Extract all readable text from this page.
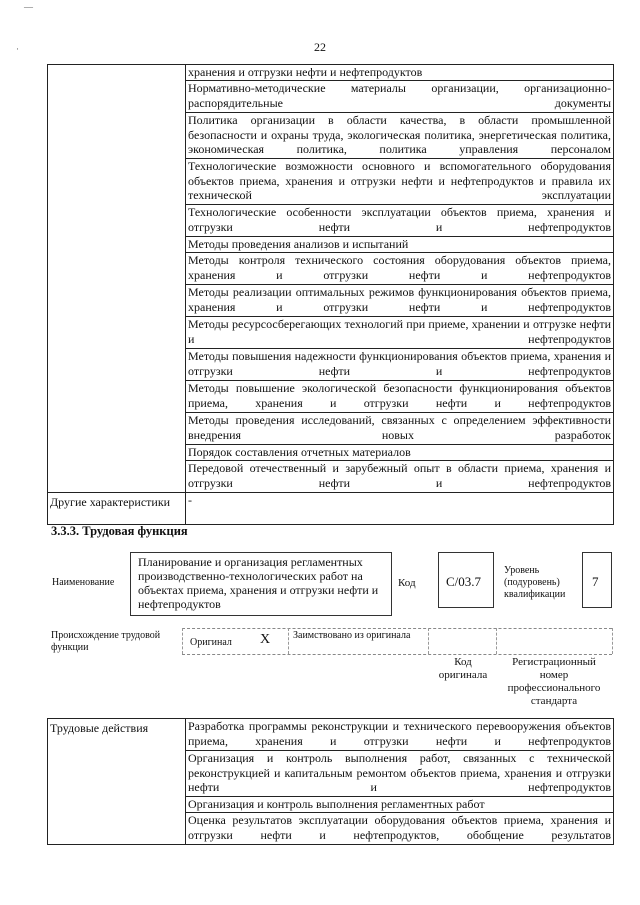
—
·	22

	хранения и отгрузки нефти и нефтепродуктов

	Нормативно-методические материалы организации, организационно-распорядительные документы
	Политика организации в области качества, в области промышленной безопасности и охраны труда, экологическая политика, энергетическая политика, экономическая политика, политика управления персоналом
	Технологические возможности основного и вспомогательного оборудования объектов приема, хранения и отгрузки нефти и нефтепродуктов и правила их технической эксплуатации
	Технологические особенности эксплуатации объектов приема, хранения и отгрузки нефти и нефтепродуктов
	Методы проведения анализов и испытаний
	Методы контроля технического состояния оборудования объектов приема, хранения и отгрузки нефти и нефтепродуктов
	Методы реализации оптимальных режимов функционирования объектов приема, хранения и отгрузки нефти и нефтепродуктов
	Методы ресурсосберегающих технологий при приеме, хранении и отгрузке нефти и нефтепродуктов
	Методы повышения надежности функционирования объектов приема, хранения и отгрузки нефти и нефтепродуктов
	Методы повышение экологической безопасности функционирования объектов приема, хранения и отгрузки нефти и нефтепродуктов
	Методы проведения исследований, связанных с определением эффективности внедрения новых разработок
	Порядок составления отчетных материалов
	Передовой отечественный и зарубежный опыт в области приема, хранения и отгрузки нефти и нефтепродуктов
Другие характеристики	-
3.3.3. Трудовая функция
Наименование
Планирование и организация регламентных производственно-технологических работ на объектах приема, хранения и отгрузки нефти и нефтепродуктов
Код C/03.7
Уровень (подуровень) квалификации
7
Происхождение трудовой функции	Оригинал X Заимствовано из оригинала
Код оригинала
Регистрационный номер профессионального стандарта
Трудовые действия	Разработка программы реконструкции и технического перевооружения объектов приема, хранения и отгрузки нефти и нефтепродуктов
Организация и контроль выполнения работ, связанных с технической реконструкцией и капитальным ремонтом объектов приема, хранения и отгрузки нефти и нефтепродуктов
Организация и контроль выполнения регламентных работ
Оценка результатов эксплуатации оборудования объектов приема, хранения и отгрузки нефти и нефтепродуктов, обобщение результатов
